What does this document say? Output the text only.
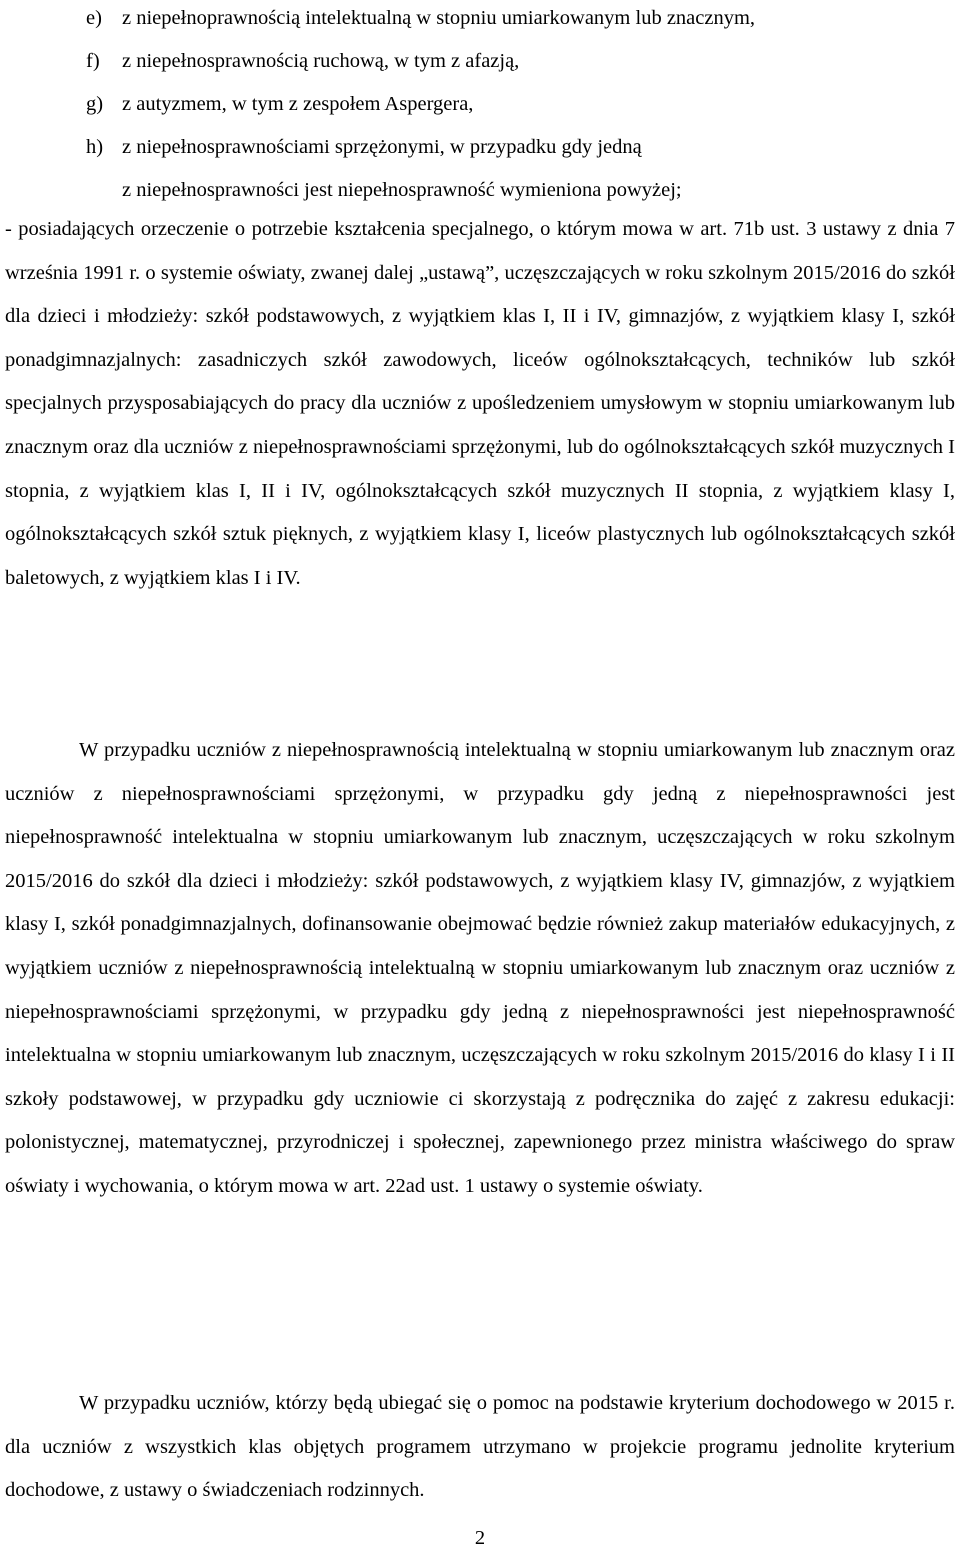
e) z niepełnoprawnością intelektualną w stopniu umiarkowanym lub znacznym,
f) z niepełnosprawnością ruchową, w tym z afazją,
g) z autyzmem, w tym z zespołem Aspergera,
h) z niepełnosprawnościami sprzężonymi, w przypadku gdy jedną
z niepełnosprawności jest niepełnosprawność wymieniona powyżej;

- posiadających orzeczenie o potrzebie kształcenia specjalnego, o którym mowa w art. 71b ust. 3 ustawy z dnia 7 września 1991 r. o systemie oświaty, zwanej dalej „ustawą”, uczęszczających w roku szkolnym 2015/2016 do szkół dla dzieci i młodzieży: szkół podstawowych, z wyjątkiem klas I, II i IV, gimnazjów, z wyjątkiem klasy I, szkół ponadgimnazjalnych: zasadniczych szkół zawodowych, liceów ogólnokształcących, techników lub szkół specjalnych przysposabiających do pracy dla uczniów z upośledzeniem umysłowym w stopniu umiarkowanym lub znacznym oraz dla uczniów z niepełnosprawnościami sprzężonymi, lub do ogólnokształcących szkół muzycznych I stopnia, z wyjątkiem klas I, II i IV, ogólnokształcących szkół muzycznych II stopnia, z wyjątkiem klasy I, ogólnokształcących szkół sztuk pięknych, z wyjątkiem klasy I, liceów plastycznych lub ogólnokształcących szkół baletowych, z wyjątkiem klas I i IV.

W przypadku uczniów z niepełnosprawnością intelektualną w stopniu umiarkowanym lub znacznym oraz uczniów z niepełnosprawnościami sprzężonymi, w przypadku gdy jedną z niepełnosprawności jest niepełnosprawność intelektualna w stopniu umiarkowanym lub znacznym, uczęszczających w roku szkolnym 2015/2016 do szkół dla dzieci i młodzieży: szkół podstawowych, z wyjątkiem klasy IV, gimnazjów, z wyjątkiem klasy I, szkół ponadgimnazjalnych, dofinansowanie obejmować będzie również zakup materiałów edukacyjnych, z wyjątkiem uczniów z niepełnosprawnością intelektualną w stopniu umiarkowanym lub znacznym oraz uczniów z niepełnosprawnościami sprzężonymi, w przypadku gdy jedną z niepełnosprawności jest niepełnosprawność intelektualna w stopniu umiarkowanym lub znacznym, uczęszczających w roku szkolnym 2015/2016 do klasy I i II szkoły podstawowej, w przypadku gdy uczniowie ci skorzystają z podręcznika do zajęć z zakresu edukacji: polonistycznej, matematycznej, przyrodniczej i społecznej, zapewnionego przez ministra właściwego do spraw oświaty i wychowania, o którym mowa w art. 22ad ust. 1 ustawy o systemie oświaty.

W przypadku uczniów, którzy będą ubiegać się o pomoc na podstawie kryterium dochodowego w 2015 r. dla uczniów z wszystkich klas objętych programem utrzymano w projekcie programu jednolite kryterium dochodowe, z ustawy o świadczeniach rodzinnych.

2
